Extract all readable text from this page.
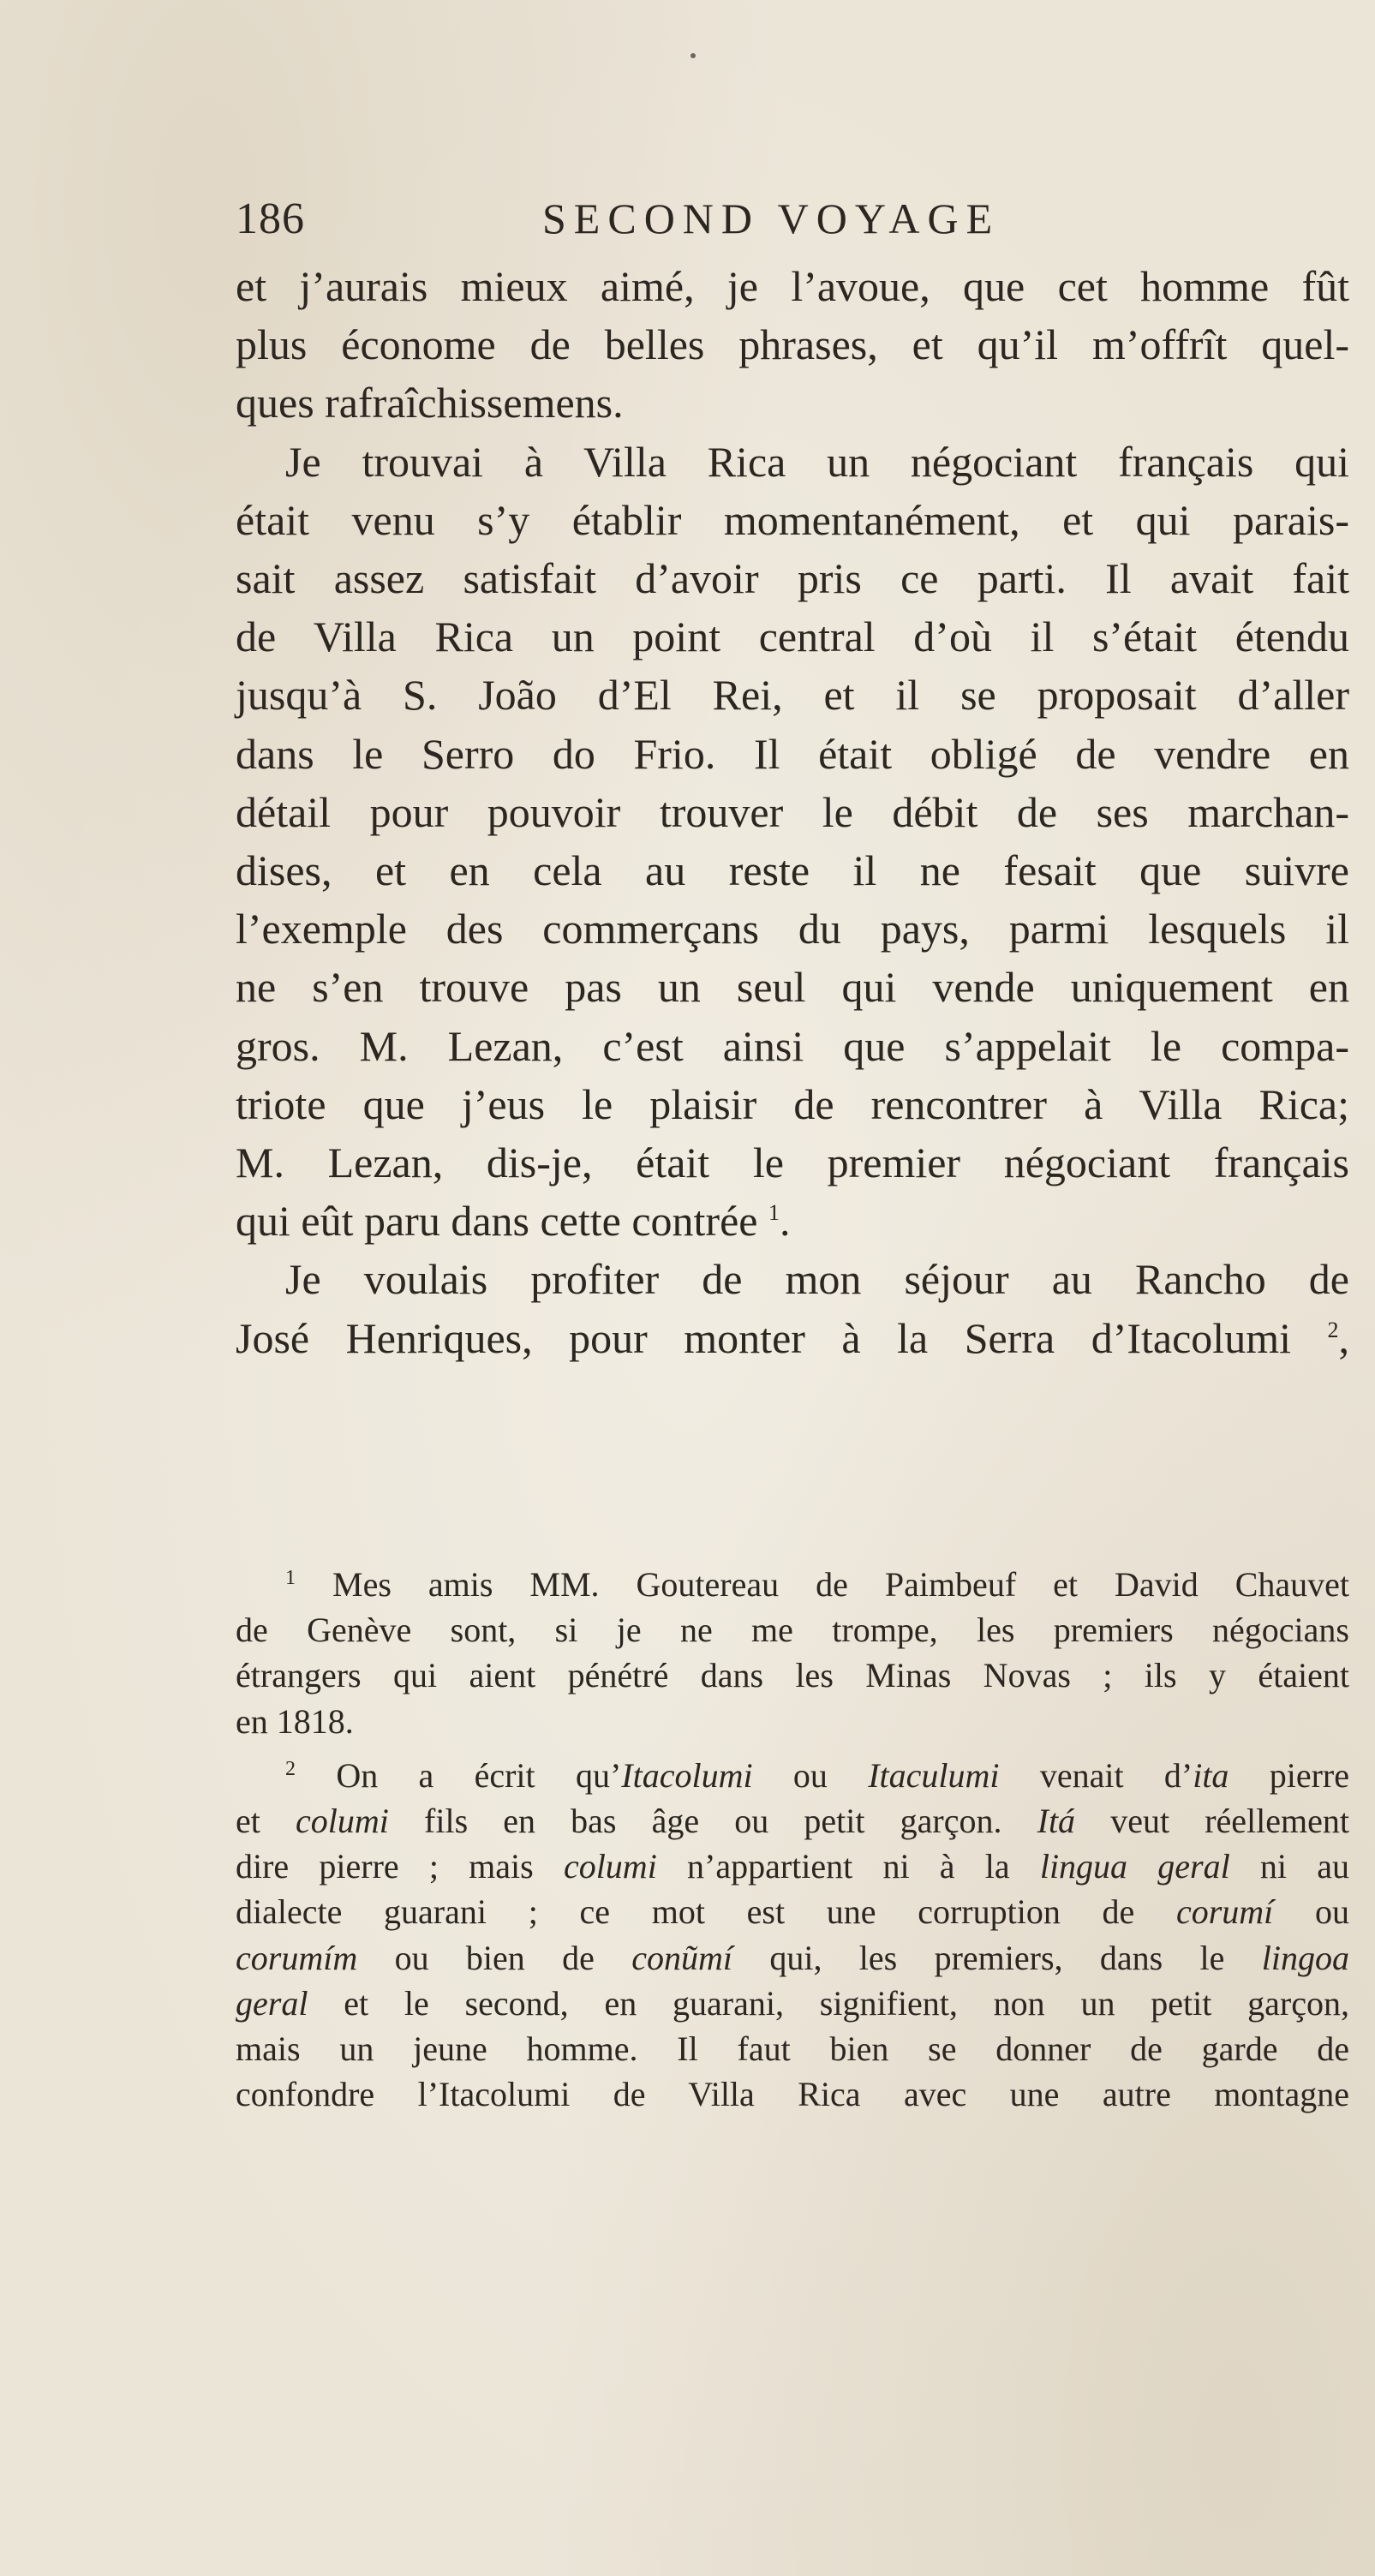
186	SECOND VOYAGE
et j’aurais mieux aimé, je l’avoue, que cet homme fût
plus économe de belles phrases, et qu’il m’offrît quel-
ques rafraîchissemens.
Je trouvai à Villa Rica un négociant français qui
était venu s’y établir momentanément, et qui parais-
sait assez satisfait d’avoir pris ce parti. Il avait fait
de Villa Rica un point central d’où il s’était étendu
jusqu’à S. João d’El Rei, et il se proposait d’aller
dans le Serro do Frio. Il était obligé de vendre en
détail pour pouvoir trouver le débit de ses marchan-
dises, et en cela au reste il ne fesait que suivre
l’exemple des commerçans du pays, parmi lesquels il
ne s’en trouve pas un seul qui vende uniquement en
gros. M. Lezan, c’est ainsi que s’appelait le compa-
triote que j’eus le plaisir de rencontrer à Villa Rica;
M. Lezan, dis-je, était le premier négociant français
qui eût paru dans cette contrée $^1$.
Je voulais profiter de mon séjour au Rancho de
José Henriques, pour monter à la Serra d’Itacolumi $^2$,
$^1$ Mes amis MM. Goutereau de Paimbeuf et David Chauvet
de Genève sont, si je ne me trompe, les premiers négocians
étrangers qui aient pénétré dans les Minas Novas ; ils y étaient
en 1818.
$^2$ On a écrit qu’Itacolumi ou Itaculumi venait d’ita pierre
et columi fils en bas âge ou petit garçon. Itá veut réellement
dire pierre ; mais columi n’appartient ni à la lingua geral ni au
dialecte guarani ; ce mot est une corruption de corumí ou
corumím ou bien de conũmí qui, les premiers, dans le lingoa
geral et le second, en guarani, signifient, non un petit garçon,
mais un jeune homme. Il faut bien se donner de garde de
confondre l’Itacolumi de Villa Rica avec une autre montagne
